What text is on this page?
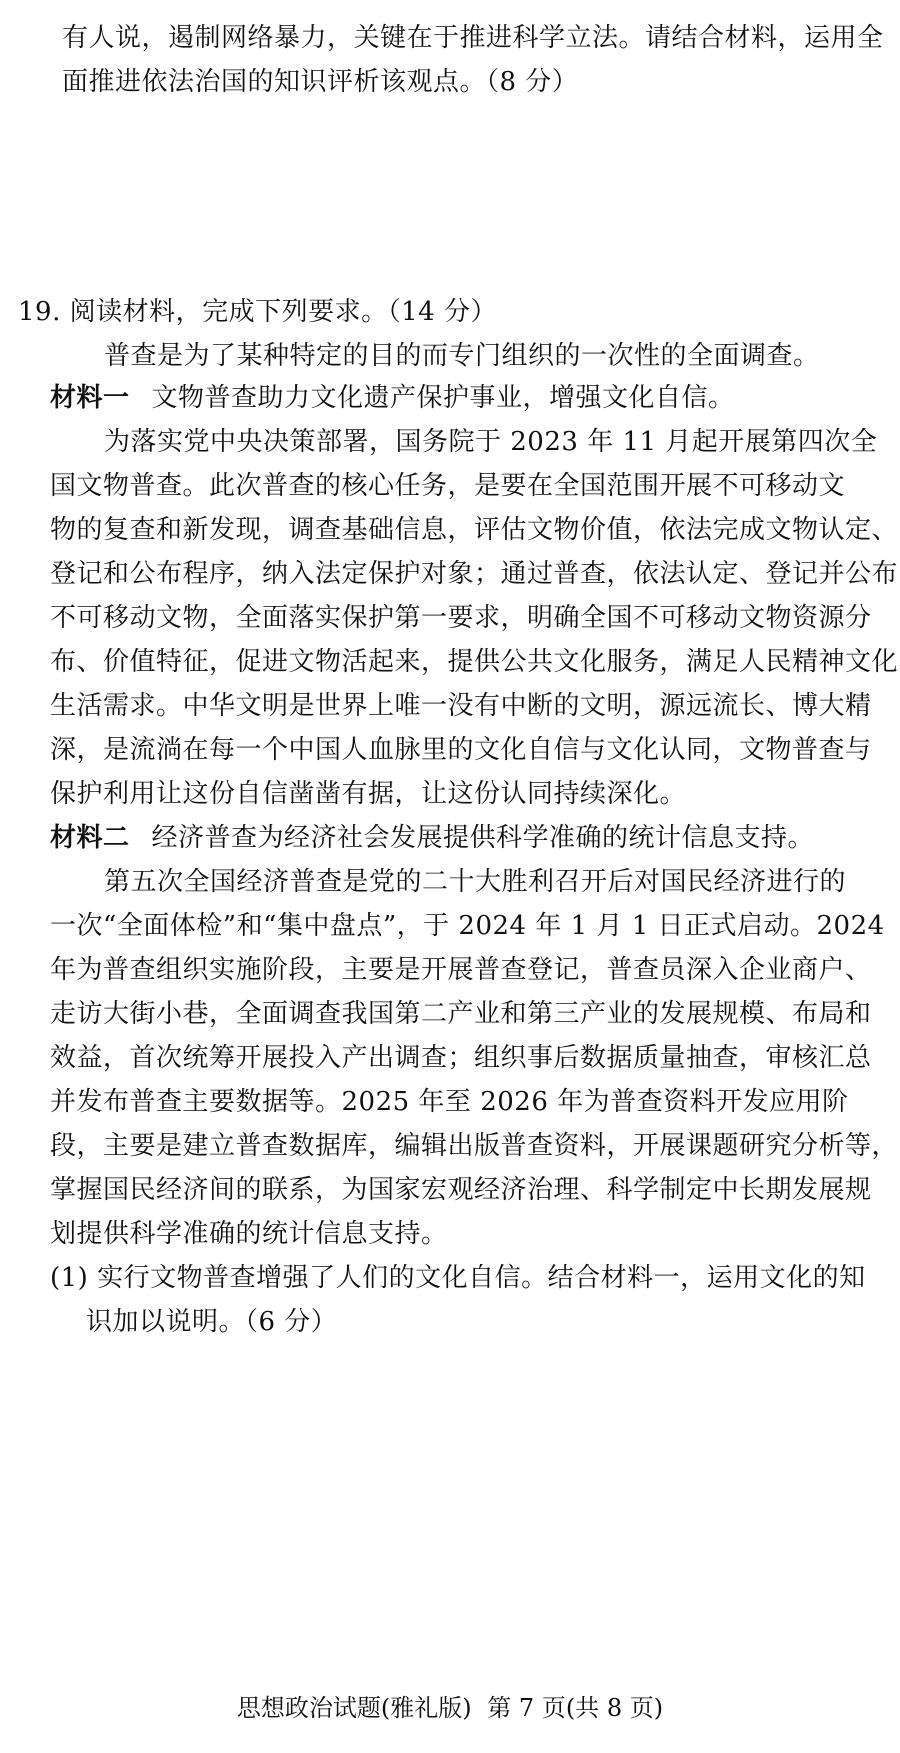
有人说，遏制网络暴力，关键在于推进科学立法。请结合材料，运用全
面推进依法治国的知识评析该观点。（8 分）
19. 阅读材料，完成下列要求。（14 分）
普查是为了某种特定的目的而专门组织的一次性的全面调查。
材料一 文物普查助力文化遗产保护事业，增强文化自信。
为落实党中央决策部署，国务院于 2023 年 11 月起开展第四次全
国文物普查。此次普查的核心任务，是要在全国范围开展不可移动文
物的复查和新发现，调查基础信息，评估文物价值，依法完成文物认定、
登记和公布程序，纳入法定保护对象；通过普查，依法认定、登记并公布
不可移动文物，全面落实保护第一要求，明确全国不可移动文物资源分
布、价值特征，促进文物活起来，提供公共文化服务，满足人民精神文化
生活需求。中华文明是世界上唯一没有中断的文明，源远流长、博大精
深，是流淌在每一个中国人血脉里的文化自信与文化认同，文物普查与
保护利用让这份自信凿凿有据，让这份认同持续深化。
材料二 经济普查为经济社会发展提供科学准确的统计信息支持。
第五次全国经济普查是党的二十大胜利召开后对国民经济进行的
一次“全面体检”和“集中盘点”，于 2024 年 1 月 1 日正式启动。2024
年为普查组织实施阶段，主要是开展普查登记，普查员深入企业商户、
走访大街小巷，全面调查我国第二产业和第三产业的发展规模、布局和
效益，首次统筹开展投入产出调查；组织事后数据质量抽查，审核汇总
并发布普查主要数据等。2025 年至 2026 年为普查资料开发应用阶
段，主要是建立普查数据库，编辑出版普查资料，开展课题研究分析等，
掌握国民经济间的联系，为国家宏观经济治理、科学制定中长期发展规
划提供科学准确的统计信息支持。
(1) 实行文物普查增强了人们的文化自信。结合材料一，运用文化的知
识加以说明。（6 分）
思想政治试题(雅礼版) 第 7 页(共 8 页)
